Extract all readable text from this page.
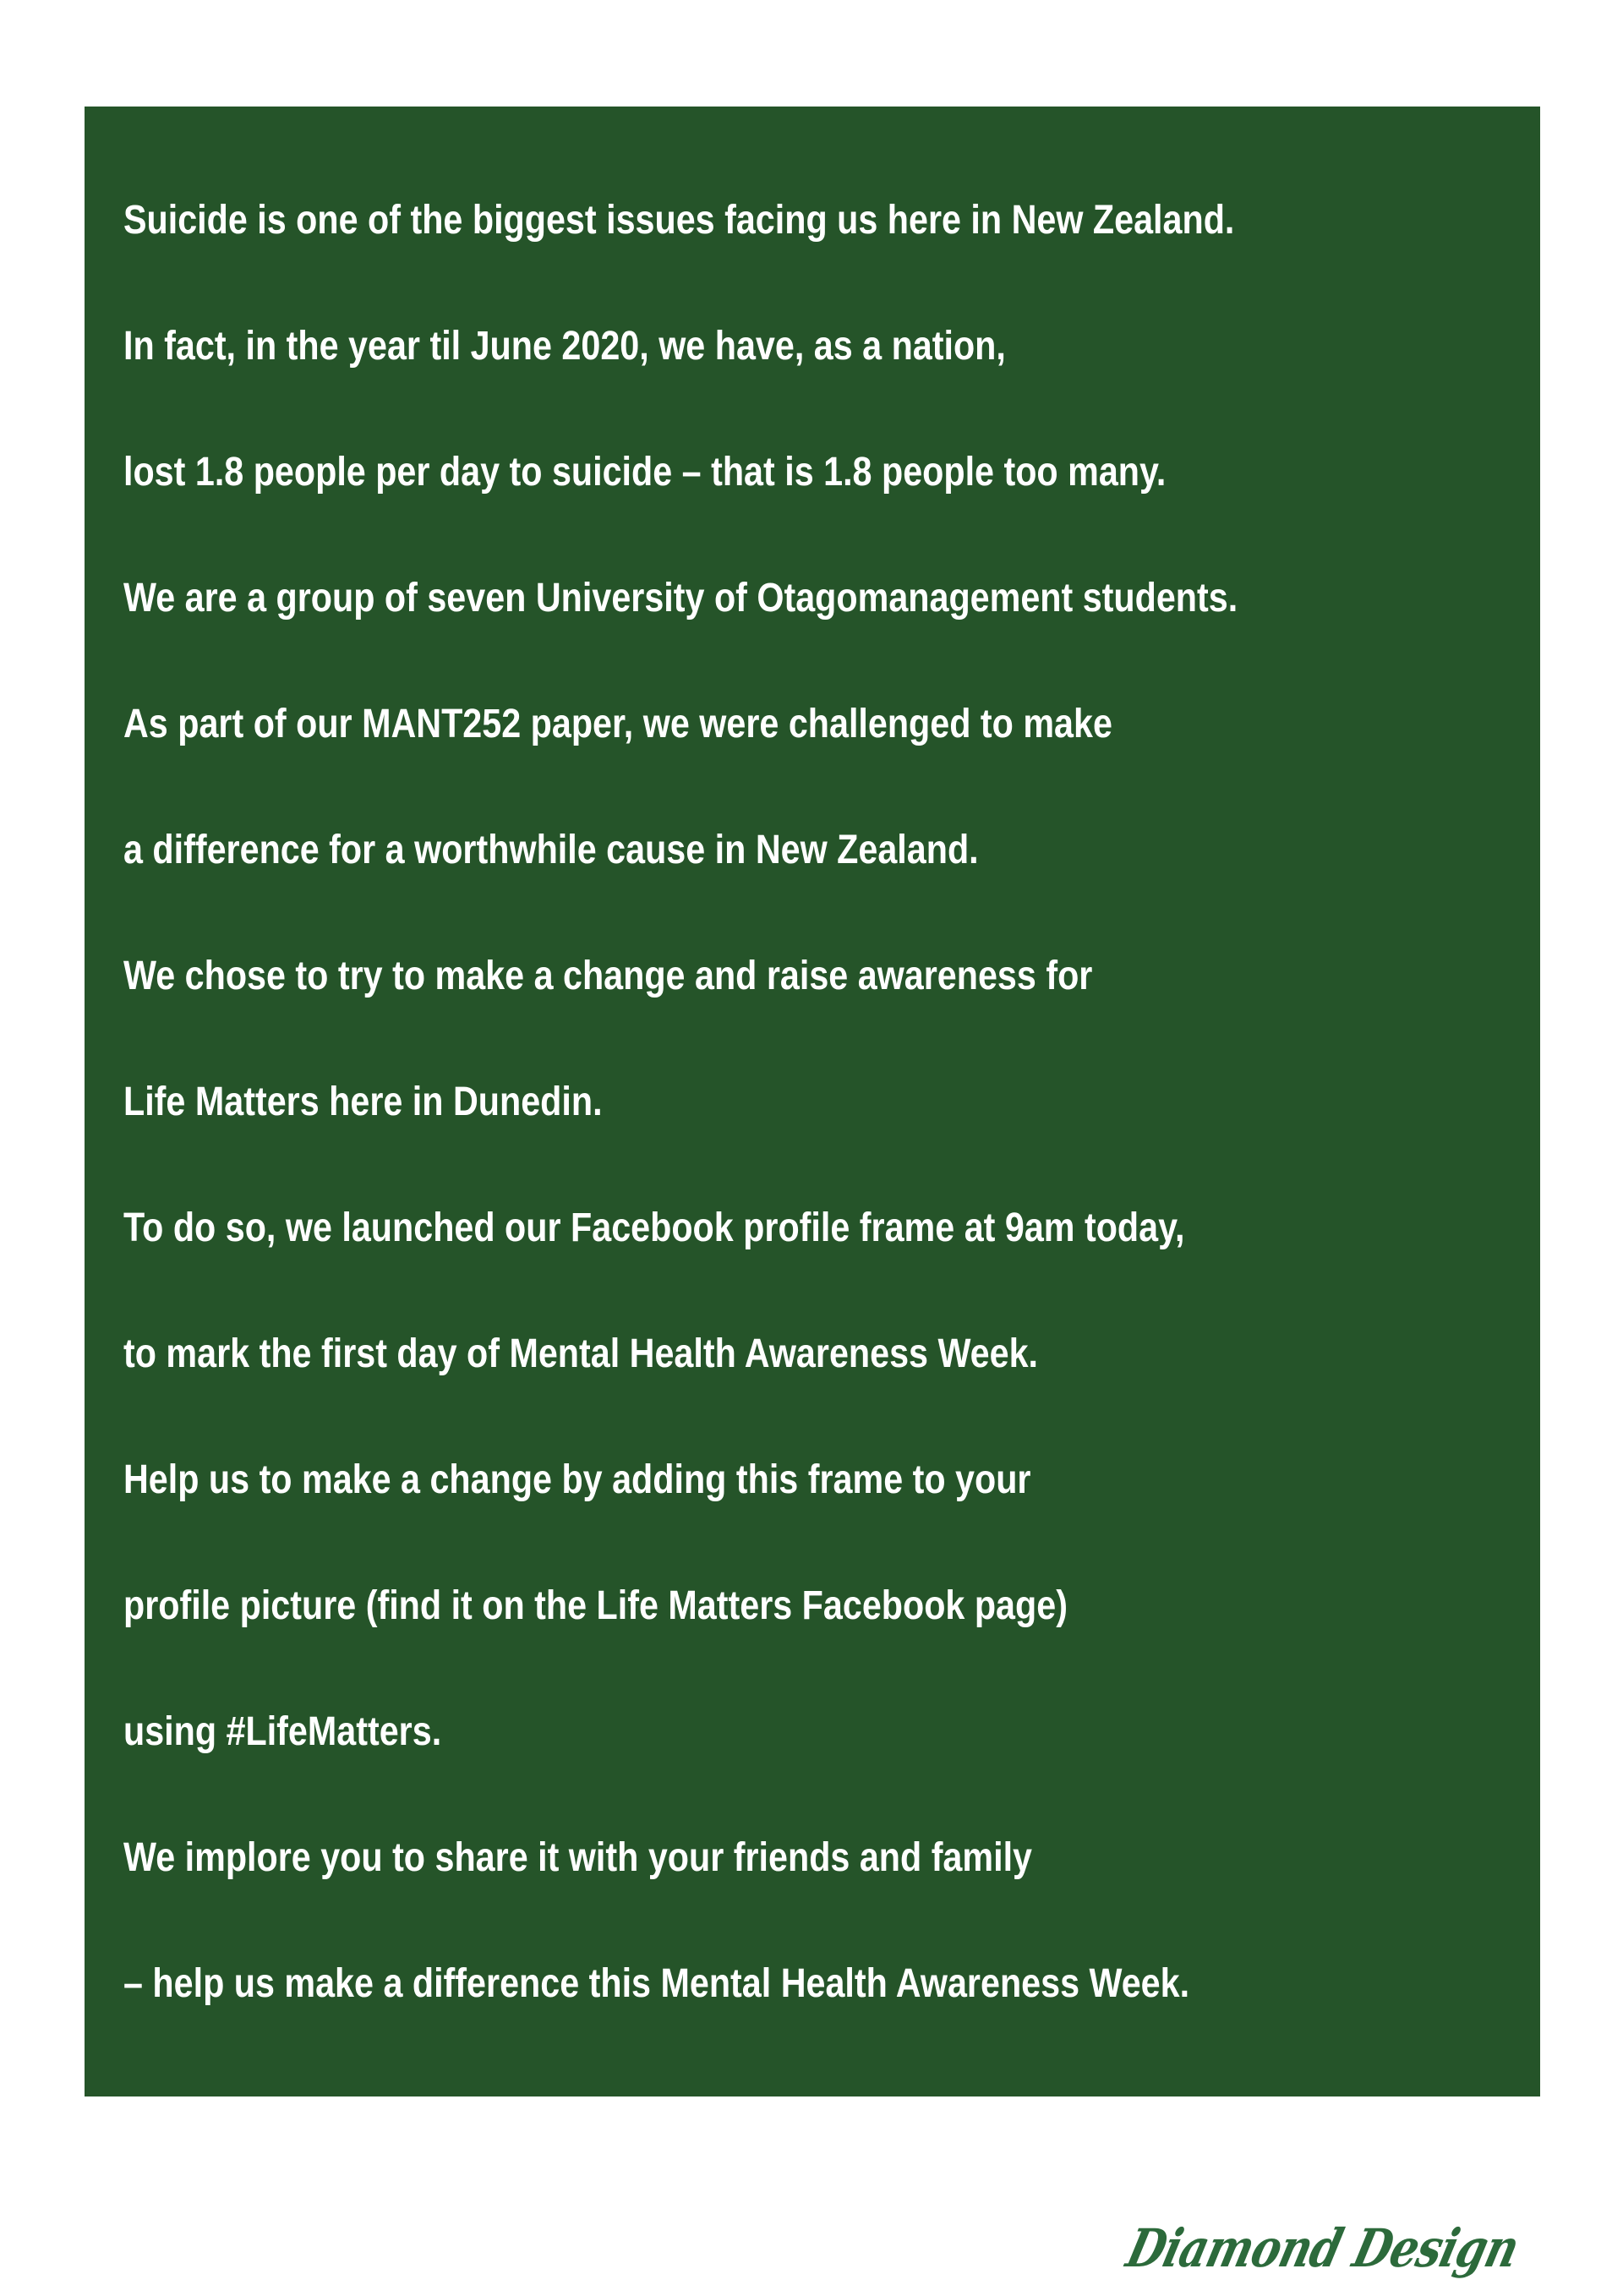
Suicide is one of the biggest issues facing us here in New Zealand.
In fact, in the year til June 2020, we have, as a nation,
lost 1.8 people per day to suicide – that is 1.8 people too many.
We are a group of seven University of Otagomanagement students.
As part of our MANT252 paper, we were challenged to make
a difference for a worthwhile cause in New Zealand.
We chose to try to make a change and raise awareness for
Life Matters here in Dunedin.
To do so, we launched our Facebook profile frame at 9am today,
to mark the first day of Mental Health Awareness Week.
Help us to make a change by adding this frame to your
profile picture (find it on the Life Matters Facebook page)
using #LifeMatters.
We implore you to share it with your friends and family
– help us make a difference this Mental Health Awareness Week.
Diamond Design
